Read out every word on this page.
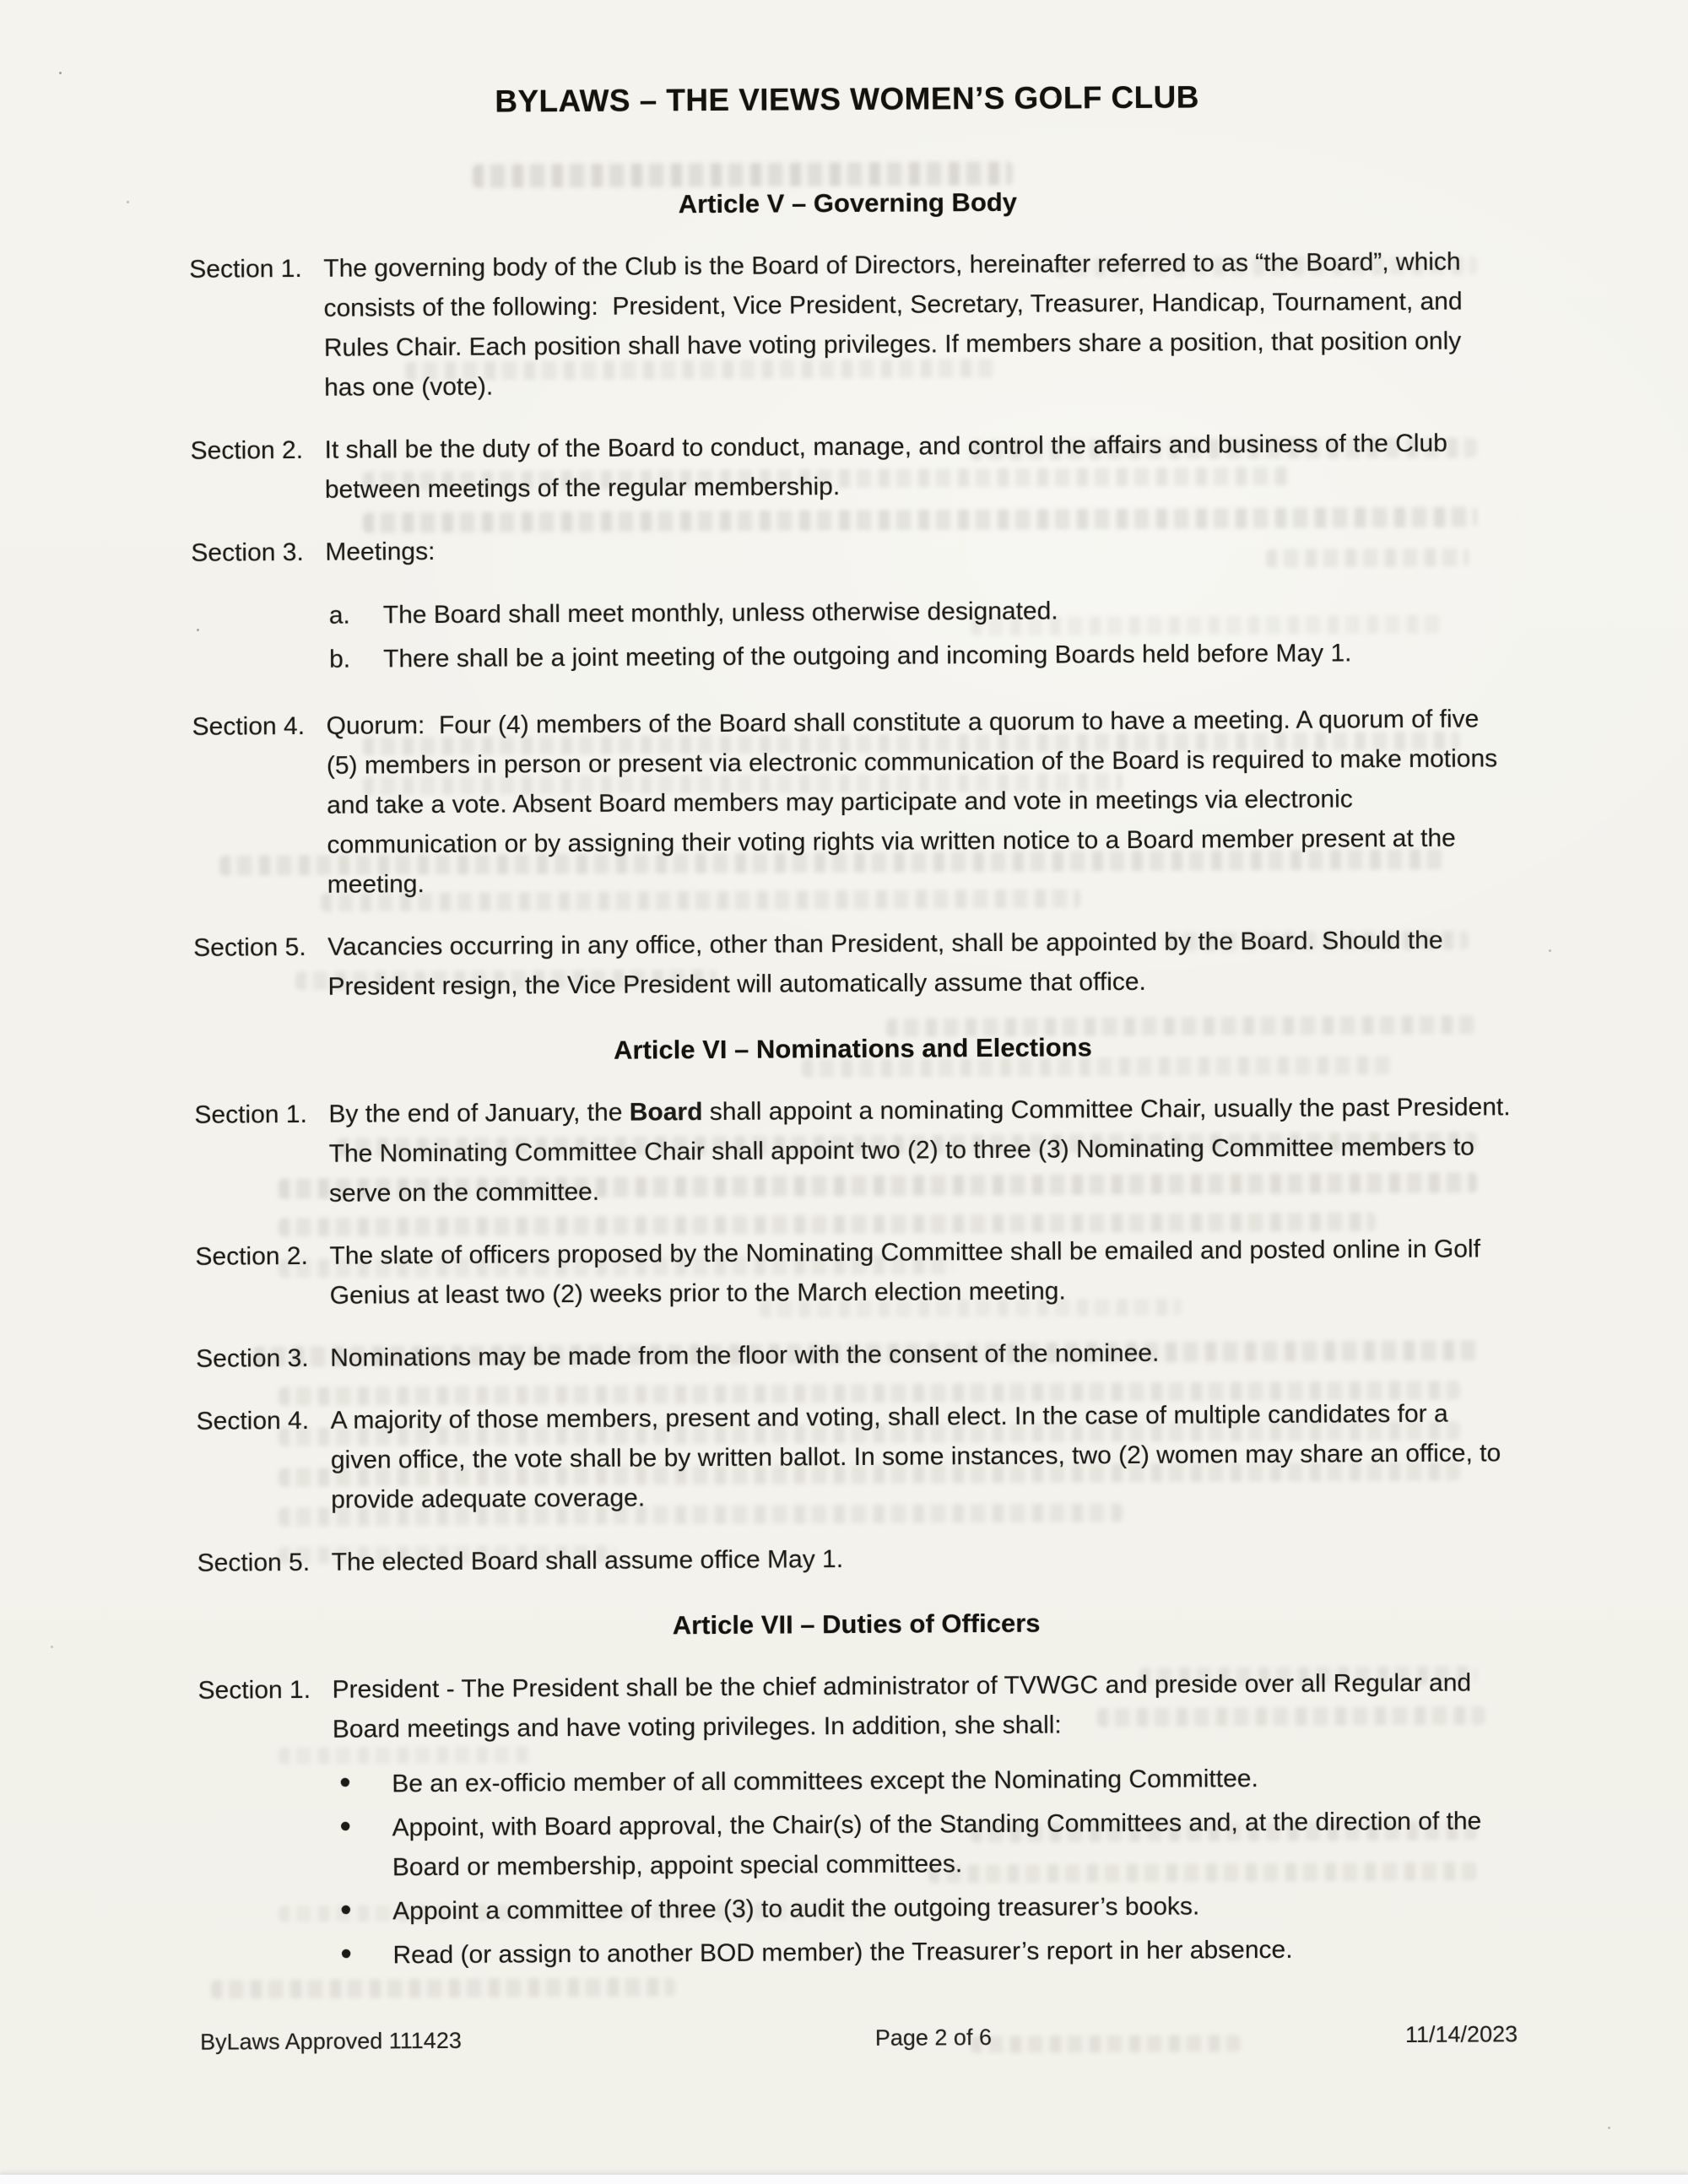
BYLAWS – THE VIEWS WOMEN’S GOLF CLUB
Article V – Governing Body
Section 1. The governing body of the Club is the Board of Directors, hereinafter referred to as “the Board”, which consists of the following:  President, Vice President, Secretary, Treasurer, Handicap, Tournament, and Rules Chair. Each position shall have voting privileges. If members share a position, that position only has one (vote).
Section 2. It shall be the duty of the Board to conduct, manage, and control the affairs and business of the Club between meetings of the regular membership.
Section 3. Meetings:
a.	The Board shall meet monthly, unless otherwise designated.
b.	There shall be a joint meeting of the outgoing and incoming Boards held before May 1.
Section 4. Quorum:  Four (4) members of the Board shall constitute a quorum to have a meeting. A quorum of five (5) members in person or present via electronic communication of the Board is required to make motions and take a vote. Absent Board members may participate and vote in meetings via electronic communication or by assigning their voting rights via written notice to a Board member present at the meeting.
Section 5. Vacancies occurring in any office, other than President, shall be appointed by the Board. Should the President resign, the Vice President will automatically assume that office.
Article VI – Nominations and Elections
Section 1. By the end of January, the Board shall appoint a nominating Committee Chair, usually the past President. The Nominating Committee Chair shall appoint two (2) to three (3) Nominating Committee members to serve on the committee.
Section 2. The slate of officers proposed by the Nominating Committee shall be emailed and posted online in Golf Genius at least two (2) weeks prior to the March election meeting.
Section 3. Nominations may be made from the floor with the consent of the nominee.
Section 4. A majority of those members, present and voting, shall elect. In the case of multiple candidates for a given office, the vote shall be by written ballot. In some instances, two (2) women may share an office, to provide adequate coverage.
Section 5. The elected Board shall assume office May 1.
Article VII – Duties of Officers
Section 1. President - The President shall be the chief administrator of TVWGC and preside over all Regular and Board meetings and have voting privileges. In addition, she shall:
•	Be an ex-officio member of all committees except the Nominating Committee.
•	Appoint, with Board approval, the Chair(s) of the Standing Committees and, at the direction of the Board or membership, appoint special committees.
•	Appoint a committee of three (3) to audit the outgoing treasurer’s books.
•	Read (or assign to another BOD member) the Treasurer’s report in her absence.
ByLaws Approved 111423	Page 2 of 6	11/14/2023
